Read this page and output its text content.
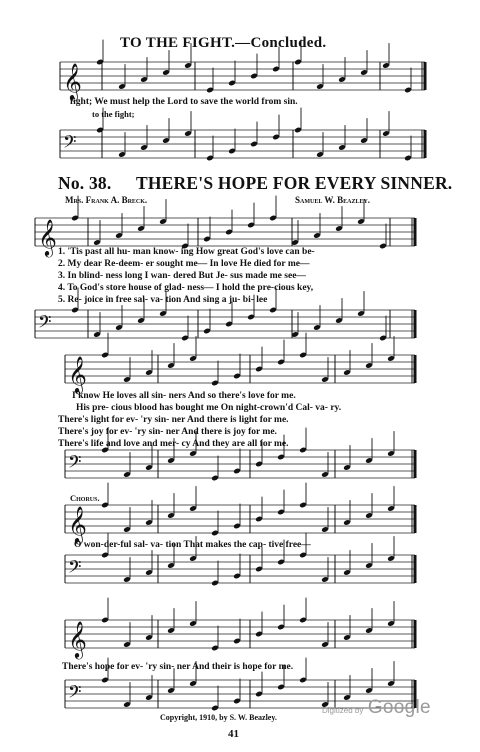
𝄞
𝄢
𝄞
𝄢
𝄞
𝄢
𝄞
𝄢
𝄞
𝄢
TO THE FIGHT.—Concluded.
fight; We must help the Lord to save the world from sin.
to the fight;
No. 38. THERE'S HOPE FOR EVERY SINNER.
Mrs. Frank A. Breck.	Samuel W. Beazley.
1. 'Tis past all hu- man know- ing How great God's love can be-
2. My dear Re-deem- er sought me— In love He died for me—
3. In blind- ness long I wan- dered But Je- sus made me see—
4. To God's store house of glad- ness— I hold the pre-cious key,
5. Re- joice in free sal- va- tion And sing a ju- bi- lee
I know He loves all sin- ners And so there's love for me.
His pre- cious blood has bought me On night-crown'd Cal- va- ry.
There's light for ev- 'ry sin- ner And there is light for me.
There's joy for ev- 'ry sin- ner And there is joy for me.
There's life and love and mer- cy And they are all for me.
Chorus.
O won-der-ful sal- va- tion That makes the cap- tive free—
There's hope for ev- 'ry sin- ner And their is hope for me.
Copyright, 1910, by S. W. Beazley.
41
Digitized by Google
